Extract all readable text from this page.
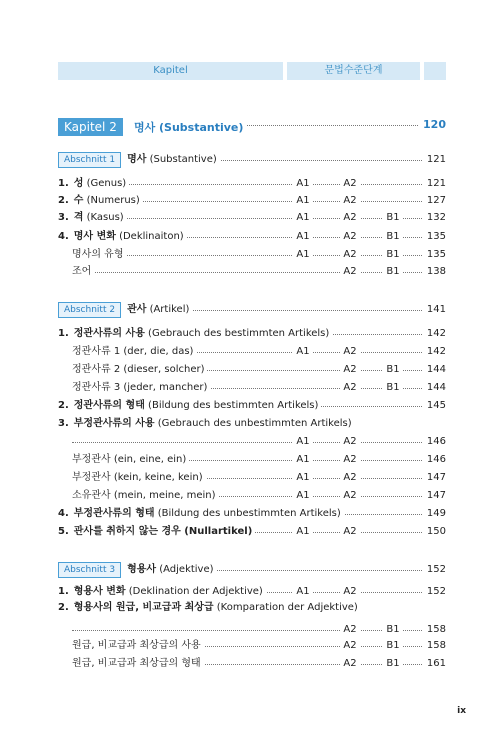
Kapitel	문법수준단계
Kapitel 2 명사 (Substantive)	120
Abschnitt 1 명사 (Substantive)	121
1. 성 (Genus)	A1	A2	121
2. 수 (Numerus)	A1	A2	127
3. 격 (Kasus)	A1	A2	B1	132
4. 명사 변화 (Deklinaiton)	A1	A2	B1	135
명사의 유형	A1	A2	B1	135
조어	A2	B1	138
Abschnitt 2 관사 (Artikel)	141
1. 정관사류의 사용 (Gebrauch des bestimmten Artikels)	142
정관사류 1 (der, die, das)	A1	A2	142
정관사류 2 (dieser, solcher)	A2	B1	144
정관사류 3 (jeder, mancher)	A2	B1	144
2. 정관사류의 형태 (Bildung des bestimmten Artikels)	145
3. 부정관사류의 사용 (Gebrauch des unbestimmten Artikels)
A1	A2	146
부정관사 (ein, eine, ein)	A1	A2	146
부정관사 (kein, keine, kein)	A1	A2	147
소유관사 (mein, meine, mein)	A1	A2	147
4. 부정관사류의 형태 (Bildung des unbestimmten Artikels)	149
5. 관사를 취하지 않는 경우 (Nullartikel)	A1	A2	150
Abschnitt 3 형용사 (Adjektive)	152
1. 형용사 변화 (Deklination der Adjektive)	A1	A2	152
2. 형용사의 원급, 비교급과 최상급 (Komparation der Adjektive)
A2	B1	158
원급, 비교급과 최상급의 사용	A2	B1	158
원급, 비교급과 최상급의 형태	A2	B1	161
ix
